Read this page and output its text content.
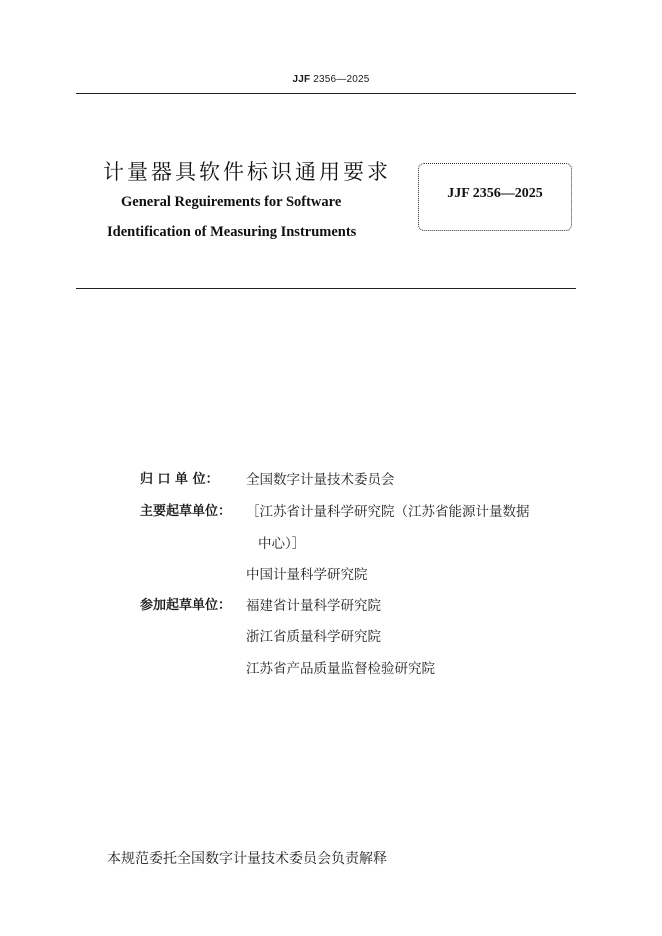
JJF 2356—2025
计量器具软件标识通用要求
General Reguirements for Software
Identification of Measuring Instruments
JJF 2356—2025
归 口 单 位：	全国数字计量技术委员会
主要起草单位：	［江苏省计量科学研究院（江苏省能源计量数据
中心）］
中国计量科学研究院
参加起草单位：	福建省计量科学研究院
浙江省质量科学研究院
江苏省产品质量监督检验研究院
本规范委托全国数字计量技术委员会负责解释
